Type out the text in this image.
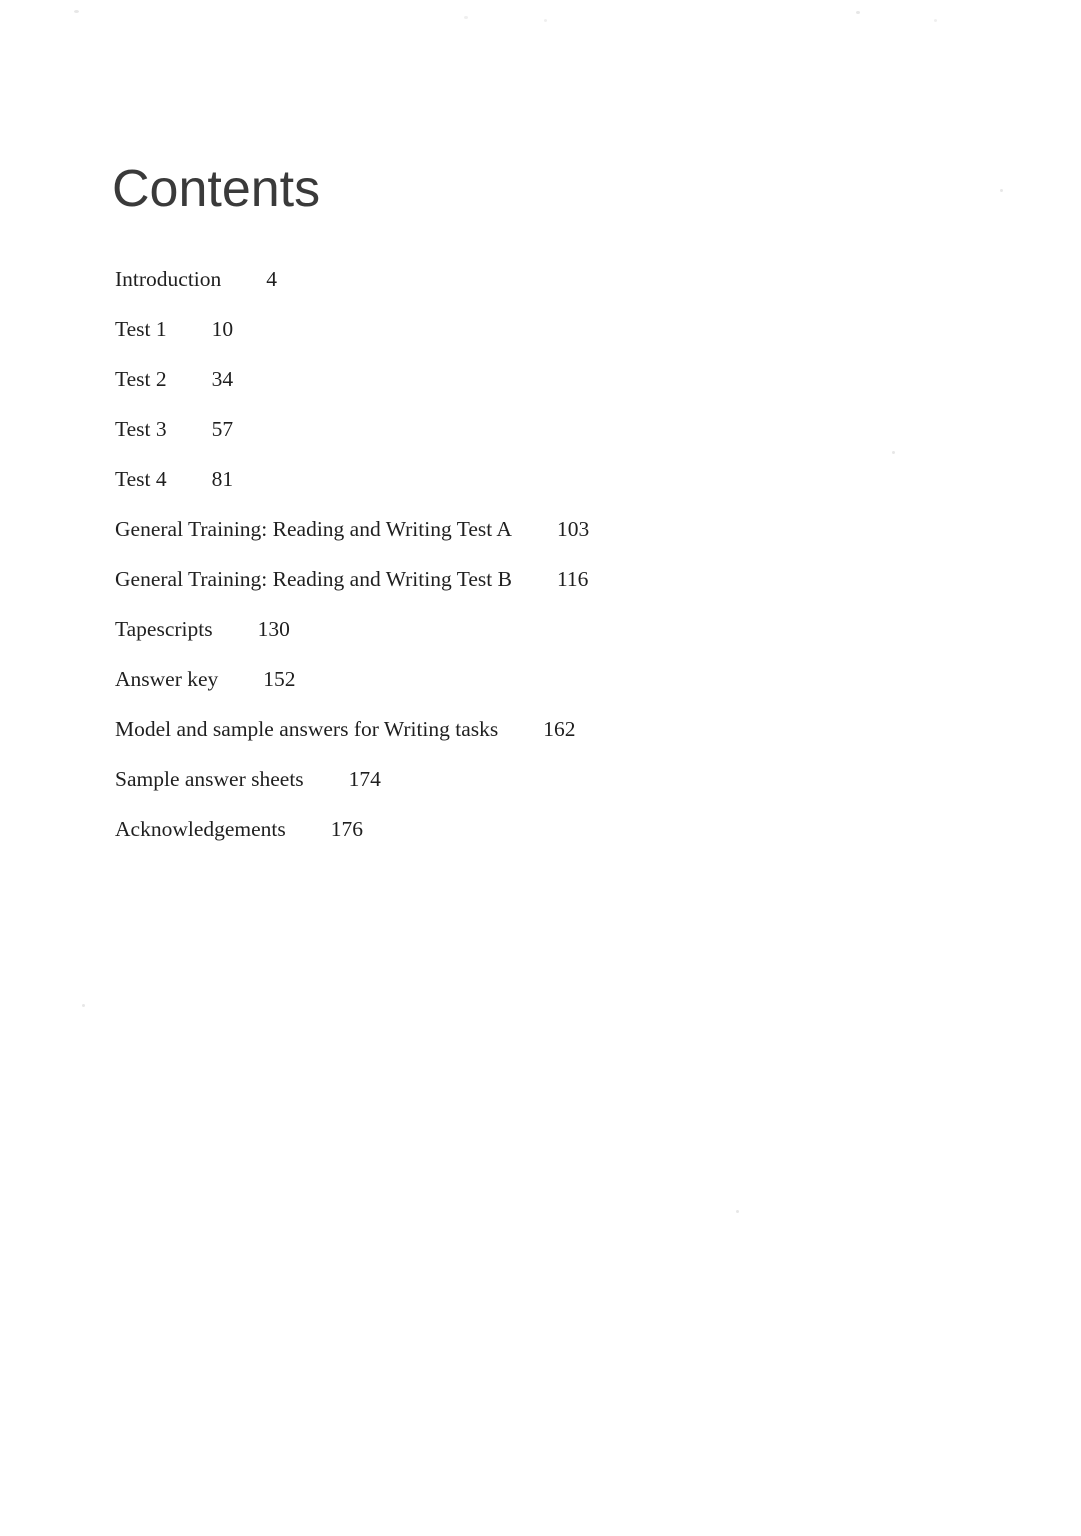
Contents
Introduction 4
Test 1 10
Test 2 34
Test 3 57
Test 4 81
General Training: Reading and Writing Test A 103
General Training: Reading and Writing Test B 116
Tapescripts 130
Answer key 152
Model and sample answers for Writing tasks 162
Sample answer sheets 174
Acknowledgements 176
